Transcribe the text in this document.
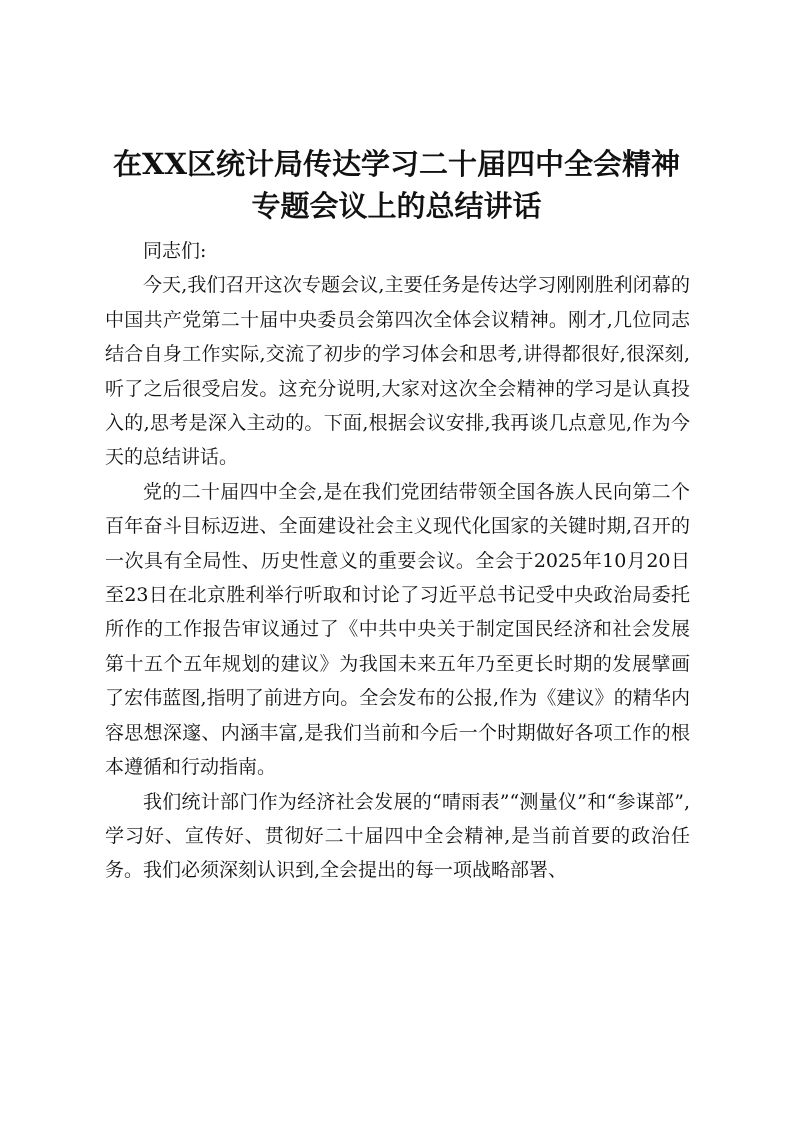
在XX区统计局传达学习二十届四中全会精神
专题会议上的总结讲话

同志们:

今天,我们召开这次专题会议,主要任务是传达学习刚刚胜利闭幕的中国共产党第二十届中央委员会第四次全体会议精神。刚才,几位同志结合自身工作实际,交流了初步的学习体会和思考,讲得都很好,很深刻,听了之后很受启发。这充分说明,大家对这次全会精神的学习是认真投入的,思考是深入主动的。下面,根据会议安排,我再谈几点意见,作为今天的总结讲话。

党的二十届四中全会,是在我们党团结带领全国各族人民向第二个百年奋斗目标迈进、全面建设社会主义现代化国家的关键时期,召开的一次具有全局性、历史性意义的重要会议。全会于2025年10月20日至23日在北京胜利举行听取和讨论了习近平总书记受中央政治局委托所作的工作报告审议通过了《中共中央关于制定国民经济和社会发展第十五个五年规划的建议》为我国未来五年乃至更长时期的发展擘画了宏伟蓝图,指明了前进方向。全会发布的公报,作为《建议》的精华内容思想深邃、内涵丰富,是我们当前和今后一个时期做好各项工作的根本遵循和行动指南。

我们统计部门作为经济社会发展的“晴雨表”“测量仪”和“参谋部”,学习好、宣传好、贯彻好二十届四中全会精神,是当前首要的政治任务。我们必须深刻认识到,全会提出的每一项战略部署、
